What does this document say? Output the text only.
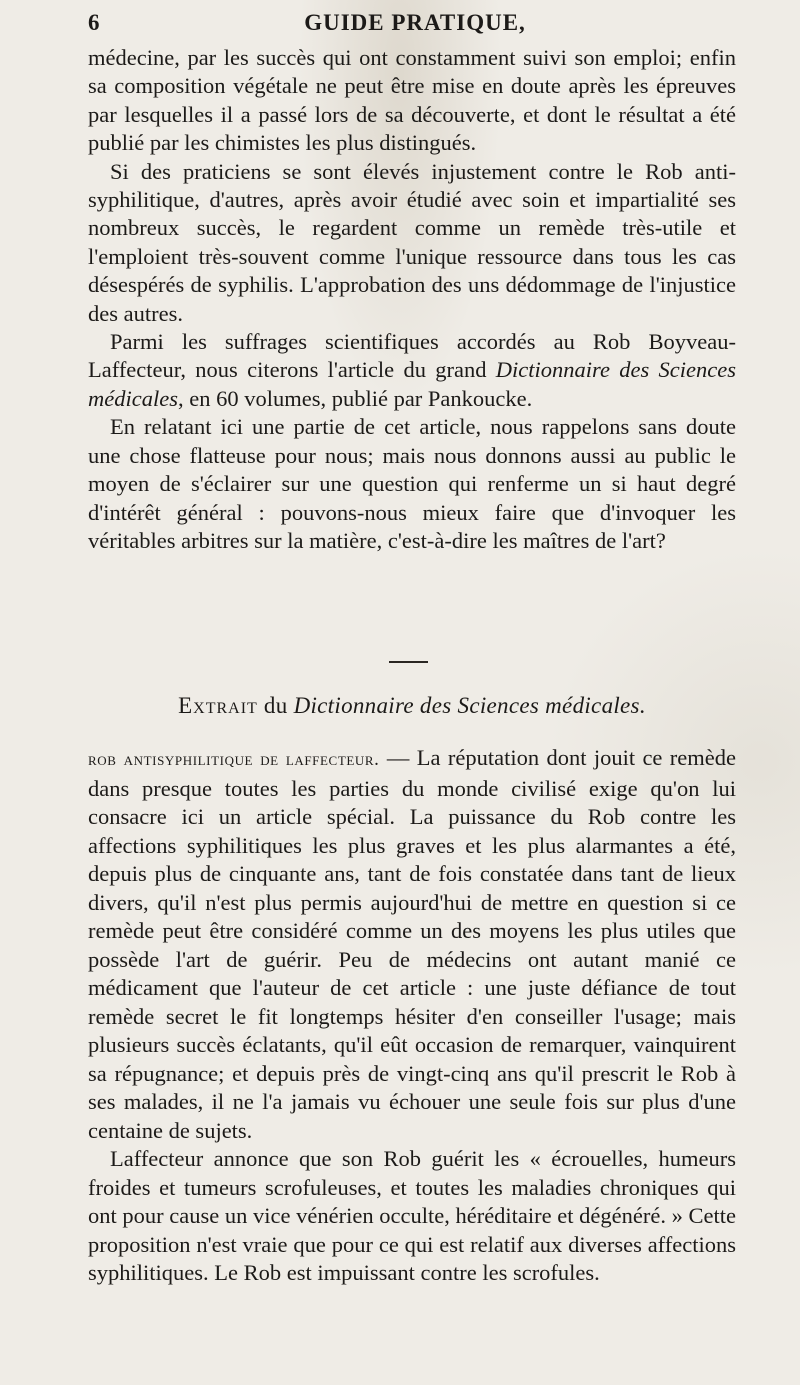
6	GUIDE PRATIQUE,

médecine, par les succès qui ont constamment suivi son emploi; enfin sa composition végétale ne peut être mise en doute après les épreuves par lesquelles il a passé lors de sa découverte, et dont le résultat a été publié par les chimistes les plus distingués.

Si des praticiens se sont élevés injustement contre le Rob anti-syphilitique, d'autres, après avoir étudié avec soin et impartialité ses nombreux succès, le regardent comme un remède très-utile et l'emploient très-souvent comme l'unique ressource dans tous les cas désespérés de syphilis. L'approbation des uns dédommage de l'injustice des autres.

Parmi les suffrages scientifiques accordés au Rob Boyveau-Laffecteur, nous citerons l'article du grand Dictionnaire des Sciences médicales, en 60 volumes, publié par Pankoucke.

En relatant ici une partie de cet article, nous rappelons sans doute une chose flatteuse pour nous; mais nous donnons aussi au public le moyen de s'éclairer sur une question qui renferme un si haut degré d'intérêt général : pouvons-nous mieux faire que d'invoquer les véritables arbitres sur la matière, c'est-à-dire les maîtres de l'art?

Extrait du Dictionnaire des Sciences médicales.

rob antisyphilitique de laffecteur. — La réputation dont jouit ce remède dans presque toutes les parties du monde civilisé exige qu'on lui consacre ici un article spécial. La puissance du Rob contre les affections syphilitiques les plus graves et les plus alarmantes a été, depuis plus de cinquante ans, tant de fois constatée dans tant de lieux divers, qu'il n'est plus permis aujourd'hui de mettre en question si ce remède peut être considéré comme un des moyens les plus utiles que possède l'art de guérir. Peu de médecins ont autant manié ce médicament que l'auteur de cet article : une juste défiance de tout remède secret le fit longtemps hésiter d'en conseiller l'usage; mais plusieurs succès éclatants, qu'il eût occasion de remarquer, vainquirent sa répugnance; et depuis près de vingt-cinq ans qu'il prescrit le Rob à ses malades, il ne l'a jamais vu échouer une seule fois sur plus d'une centaine de sujets.

Laffecteur annonce que son Rob guérit les « écrouelles, humeurs froides et tumeurs scrofuleuses, et toutes les maladies chroniques qui ont pour cause un vice vénérien occulte, héréditaire et dégénéré. » Cette proposition n'est vraie que pour ce qui est relatif aux diverses affections syphilitiques. Le Rob est impuissant contre les scrofules.
